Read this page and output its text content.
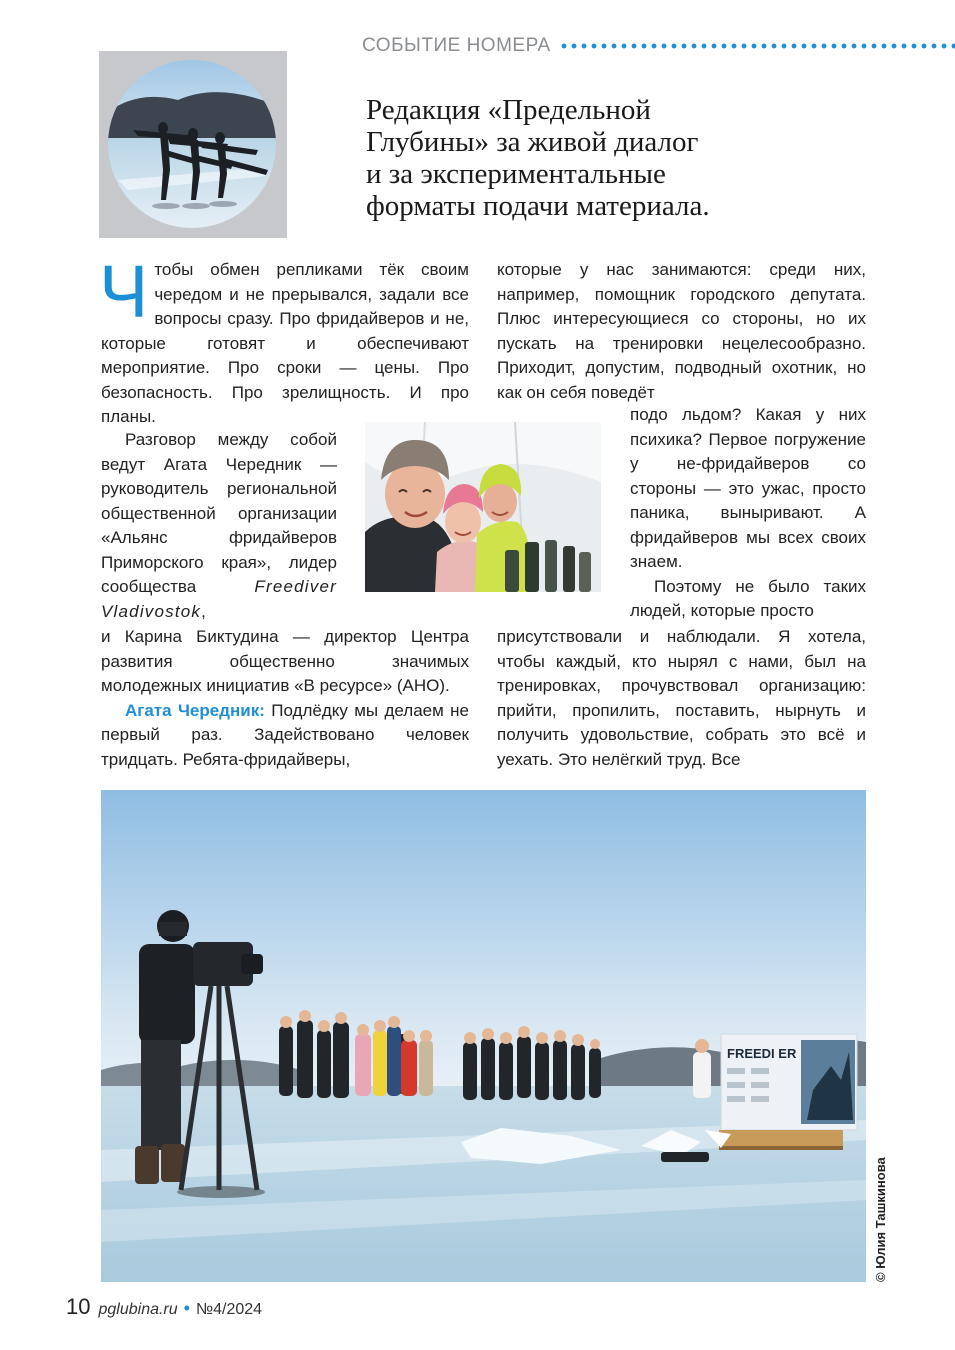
СОБЫТИЕ НОМЕРА
Редакция «Предельной
Глубины» за живой диалог
и за экспериментальные
форматы подачи материала.

Чтобы обмен репликами тёк своим чередом и не прерывался, задали все вопросы сразу. Про фридайверов и не, которые готовят и обеспечивают мероприятие. Про сроки — цены. Про безопасность. Про зрелищность. И про планы.

Разговор между собой ведут Агата Чередник — руководитель региональной общественной организации «Альянс фридайверов Приморского края», лидер сообщества	Freediver Vladivostok,

и Карина Биктудина — директор Центра развития общественно значимых молодежных инициатив «В ресурсе» (АНО).

Агата Чередник: Подлёдку мы делаем не первый раз. Задействовано человек тридцать. Ребята-фридайверы,

которые у нас занимаются: среди них, например, помощник городского депутата. Плюс интересующиеся со стороны, но их пускать на тренировки нецелесообразно. Приходит, допустим, подводный охотник, но как он себя поведёт

подо льдом? Какая у них психика? Первое погружение у не-фридайверов со стороны — это ужас, просто паника, выныривают. А фридайверов мы всех своих знаем.

Поэтому не было таких людей, которые просто

присутствовали и наблюдали. Я хотела, чтобы каждый, кто нырял с нами, был на тренировках, прочувствовал организацию: прийти, пропилить, поставить, нырнуть и получить удовольствие, собрать это всё и уехать. Это нелёгкий труд. Все

FREEDI ER
© Юлия Ташкинова
10 pglubina.ru • №4/2024
